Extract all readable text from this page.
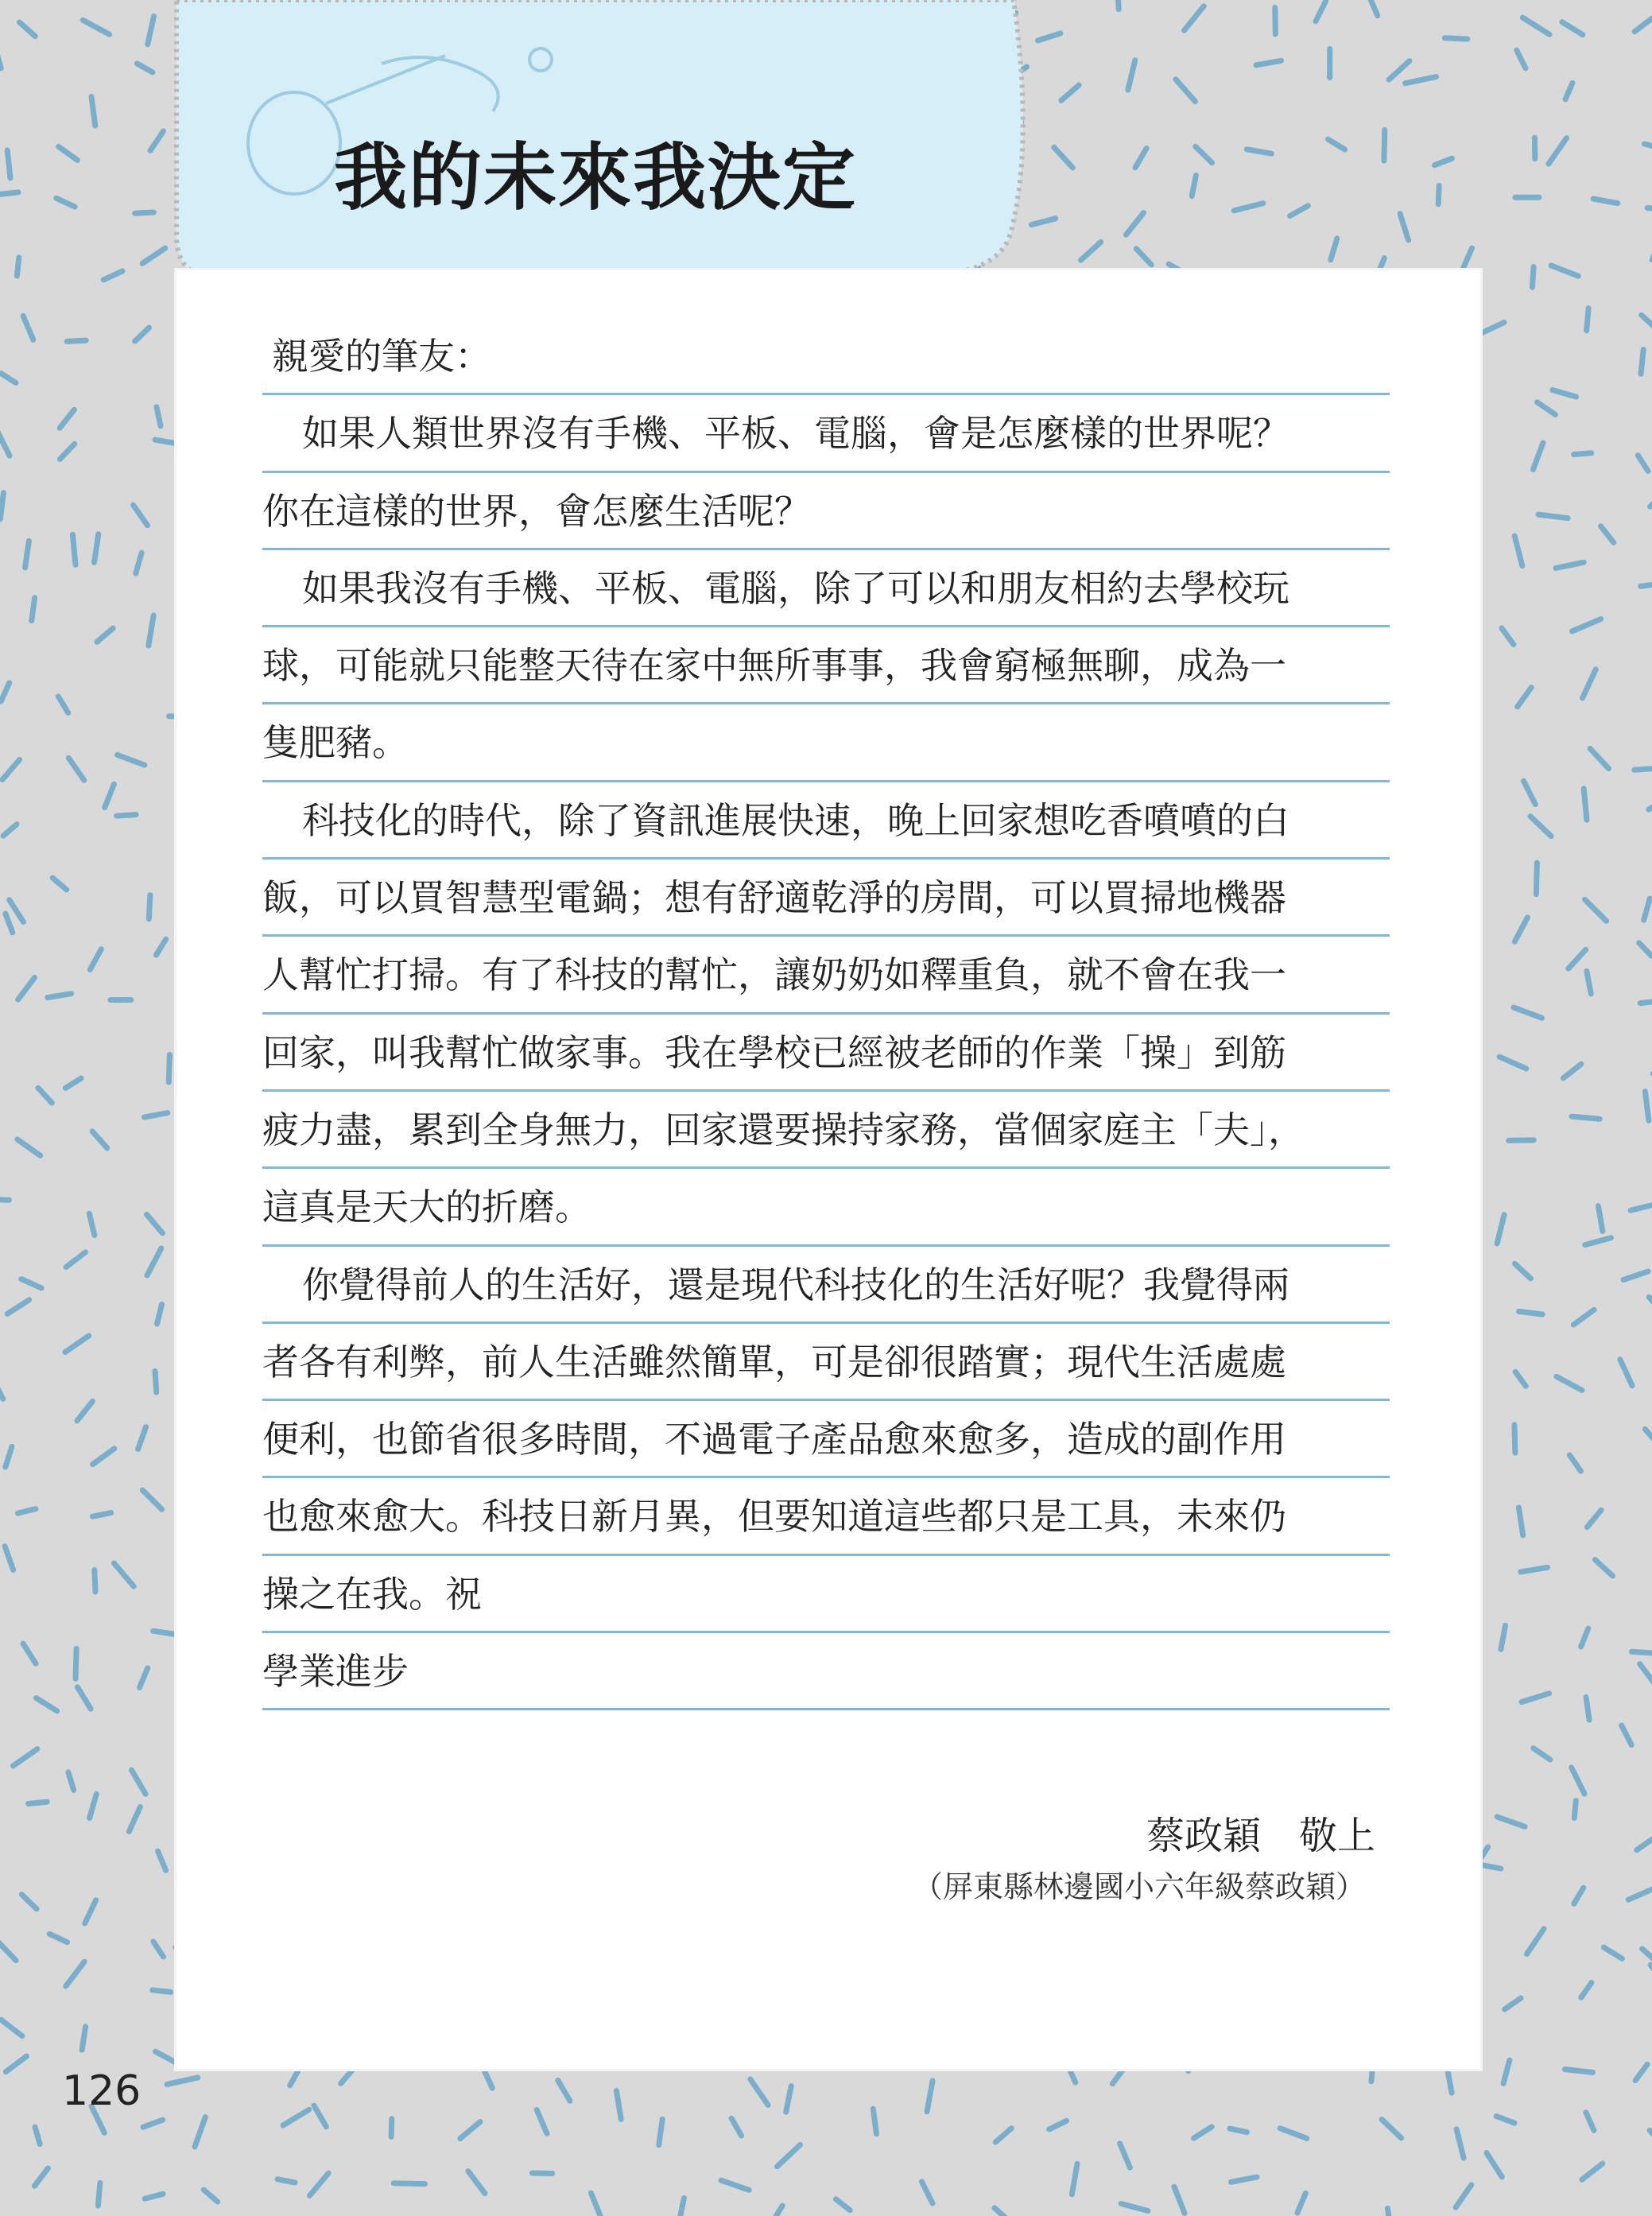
我的未來我決定
親愛的筆友：
如果人類世界沒有手機、平板、電腦，會是怎麼樣的世界呢？
你在這樣的世界，會怎麼生活呢？
如果我沒有手機、平板、電腦，除了可以和朋友相約去學校玩
球，可能就只能整天待在家中無所事事，我會窮極無聊，成為一
隻肥豬。
科技化的時代，除了資訊進展快速，晚上回家想吃香噴噴的白
飯，可以買智慧型電鍋；想有舒適乾淨的房間，可以買掃地機器
人幫忙打掃。有了科技的幫忙，讓奶奶如釋重負，就不會在我一
回家，叫我幫忙做家事。我在學校已經被老師的作業「操」到筋
疲力盡，累到全身無力，回家還要操持家務，當個家庭主「夫」，
這真是天大的折磨。
你覺得前人的生活好，還是現代科技化的生活好呢？我覺得兩
者各有利弊，前人生活雖然簡單，可是卻很踏實；現代生活處處
便利，也節省很多時間，不過電子產品愈來愈多，造成的副作用
也愈來愈大。科技日新月異，但要知道這些都只是工具，未來仍
操之在我。祝
學業進步
蔡政穎　敬上
（屏東縣林邊國小六年級蔡政穎）
126
